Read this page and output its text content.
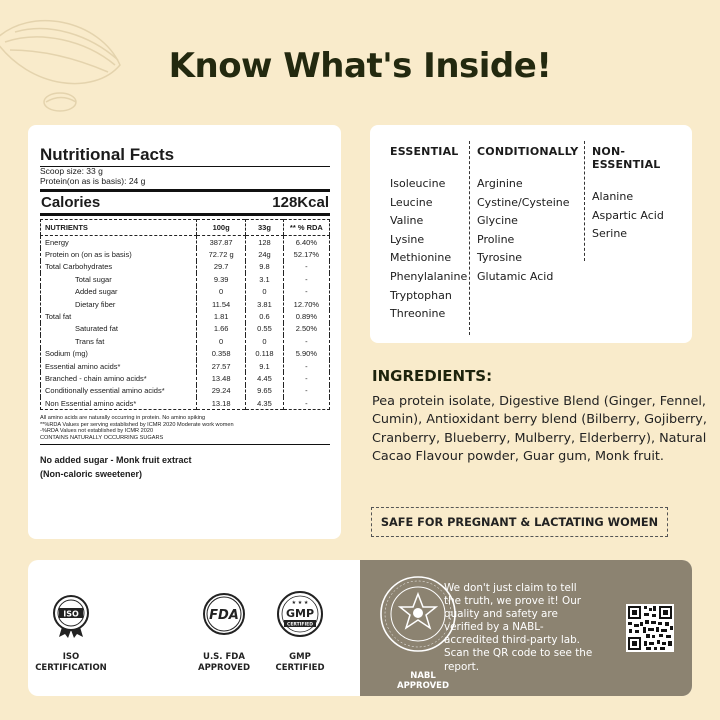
Know What's Inside!
Nutritional Facts
Scoop size: 33 g
Protein(on as is basis): 24 g
Calories	128Kcal
NUTRIENTS	100g	33g	** % RDA
Energy	387.87	128	6.40%
Protein on (on as is basis)	72.72 g	24g	52.17%
Total Carbohydrates	29.7	9.8	-
Total sugar	9.39	3.1	-
Added sugar	0	0	-
Dietary fiber	11.54	3.81	12.70%
Total fat	1.81	0.6	0.89%
Saturated fat	1.66	0.55	2.50%
Trans fat	0	0	-
Sodium (mg)	0.358	0.118	5.90%
Essential amino acids*	27.57	9.1	-
Branched - chain amino acids*	13.48	4.45	-
Conditionally essential amino acids*	29.24	9.65	-
Non Essential amino acids*	13.18	4.35	-
All amino acids are naturally occurring in protein. No amino spiking
**%RDA Values per serving established by ICMR 2020 Moderate work women
-%RDA Values not established by ICMR 2020
CONTAINS NATURALLY OCCURRING SUGARS
No added sugar - Monk fruit extract
(Non-caloric sweetener)
ESSENTIAL
Isoleucine
Leucine
Valine
Lysine
Methionine
Phenylalanine
Tryptophan
Threonine
CONDITIONALLY
Arginine
Cystine/Cysteine
Glycine
Proline
Tyrosine
Glutamic Acid
NON-ESSENTIAL
Alanine
Aspartic Acid
Serine
INGREDIENTS:
Pea protein isolate, Digestive Blend (Ginger, Fennel, Cumin), Antioxidant berry blend (Bilberry, Gojiberry, Cranberry, Blueberry, Mulberry, Elderberry), Natural Cacao Flavour powder, Guar gum, Monk fruit.
SAFE FOR PREGNANT & LACTATING WOMEN
ISO
ISO
CERTIFICATION
FDA
U.S. FDA
APPROVED
★ ★ ★
GMP
CERTIFIED
GMP
CERTIFIED
NABL
APPROVED
We don't just claim to tell the truth, we prove it! Our quality and safety are verified by a NABL-accredited third-party lab. Scan the QR code to see the report.
